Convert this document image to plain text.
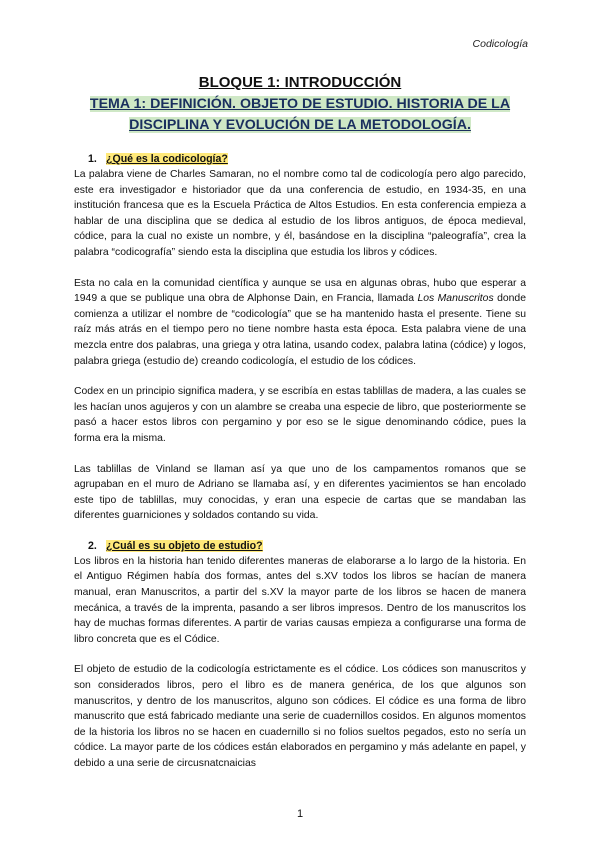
Codicología
BLOQUE 1: INTRODUCCIÓN
TEMA 1: DEFINICIÓN. OBJETO DE ESTUDIO. HISTORIA DE LA DISCIPLINA Y EVOLUCIÓN DE LA METODOLOGÍA.
1. ¿Qué es la codicología?

La palabra viene de Charles Samaran, no el nombre como tal de codicología pero algo parecido, este era investigador e historiador que da una conferencia de estudio, en 1934-35, en una institución francesa que es la Escuela Práctica de Altos Estudios. En esta conferencia empieza a hablar de una disciplina que se dedica al estudio de los libros antiguos, de época medieval, códice, para la cual no existe un nombre, y él, basándose en la disciplina “paleografía”, crea la palabra “codicografía” siendo esta la disciplina que estudia los libros y códices.

Esta no cala en la comunidad científica y aunque se usa en algunas obras, hubo que esperar a 1949 a que se publique una obra de Alphonse Dain, en Francia, llamada Los Manuscritos donde comienza a utilizar el nombre de “codicología” que se ha mantenido hasta el presente. Tiene su raíz más atrás en el tiempo pero no tiene nombre hasta esta época. Esta palabra viene de una mezcla entre dos palabras, una griega y otra latina, usando codex, palabra latina (códice) y logos, palabra griega (estudio de) creando codicología, el estudio de los códices.

Codex en un principio significa madera, y se escribía en estas tablillas de madera, a las cuales se les hacían unos agujeros y con un alambre se creaba una especie de libro, que posteriormente se pasó a hacer estos libros con pergamino y por eso se le sigue denominando códice, pues la forma era la misma.

Las tablillas de Vinland se llaman así ya que uno de los campamentos romanos que se agrupaban en el muro de Adriano se llamaba así, y en diferentes yacimientos se han encolado este tipo de tablillas, muy conocidas, y eran una especie de cartas que se mandaban las diferentes guarniciones y soldados contando su vida.

2. ¿Cuál es su objeto de estudio?

Los libros en la historia han tenido diferentes maneras de elaborarse a lo largo de la historia. En el Antiguo Régimen había dos formas, antes del s.XV todos los libros se hacían de manera manual, eran Manuscritos, a partir del s.XV la mayor parte de los libros se hacen de manera mecánica, a través de la imprenta, pasando a ser libros impresos. Dentro de los manuscritos los hay de muchas formas diferentes. A partir de varias causas empieza a configurarse una forma de libro concreta que es el Códice.

El objeto de estudio de la codicología estrictamente es el códice. Los códices son manuscritos y son considerados libros, pero el libro es de manera genérica, de los que algunos son manuscritos, y dentro de los manuscritos, alguno son códices. El códice es una forma de libro manuscrito que está fabricado mediante una serie de cuadernillos cosidos. En algunos momentos de la historia los libros no se hacen en cuadernillo si no folios sueltos pegados, esto no sería un códice. La mayor parte de los códices están elaborados en pergamino y más adelante en papel, y debido a una serie de circusnatcnaicias

1
